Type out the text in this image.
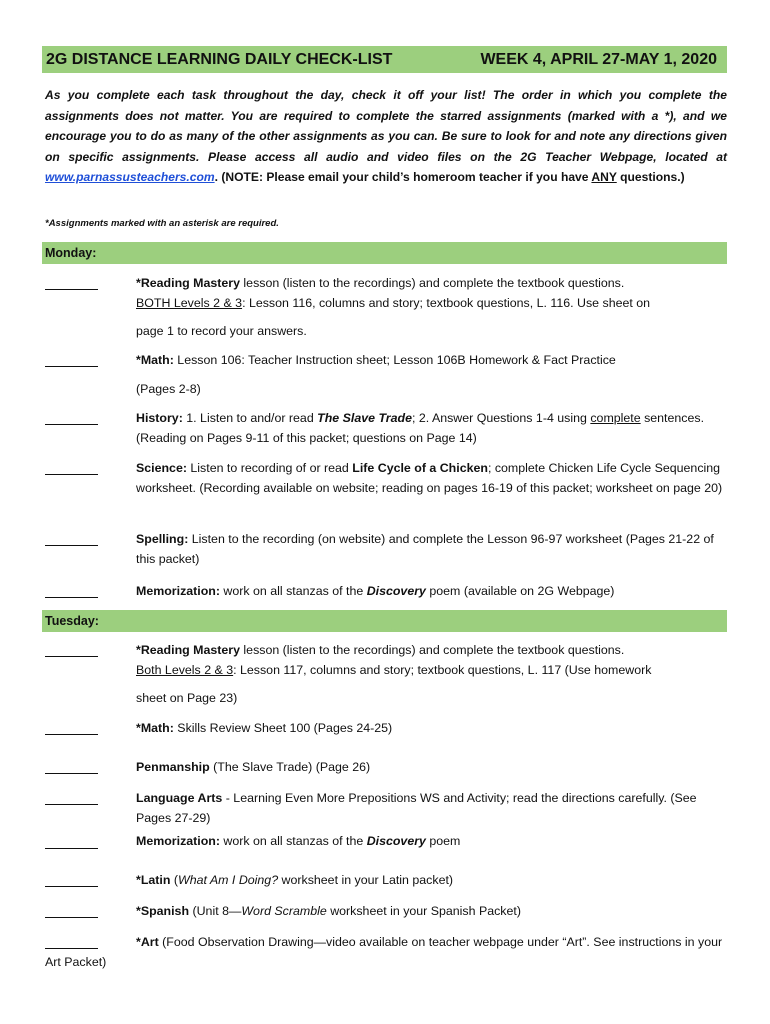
2G DISTANCE LEARNING DAILY CHECK-LIST	WEEK 4, APRIL 27-MAY 1, 2020
As you complete each task throughout the day, check it off your list! The order in which you complete the assignments does not matter. You are required to complete the starred assignments (marked with a *), and we encourage you to do as many of the other assignments as you can. Be sure to look for and note any directions given on specific assignments. Please access all audio and video files on the 2G Teacher Webpage, located at www.parnassusteachers.com. (NOTE: Please email your child’s homeroom teacher if you have ANY questions.)
*Assignments marked with an asterisk are required.
Monday:
*Reading Mastery lesson (listen to the recordings) and complete the textbook questions.
BOTH Levels 2 & 3: Lesson 116, columns and story; textbook questions, L. 116. Use sheet on
page 1 to record your answers.
*Math: Lesson 106: Teacher Instruction sheet; Lesson 106B Homework & Fact Practice
(Pages 2-8)
History: 1. Listen to and/or read The Slave Trade; 2. Answer Questions 1-4 using complete sentences. (Reading on Pages 9-11 of this packet; questions on Page 14)
Science: Listen to recording of or read Life Cycle of a Chicken; complete Chicken Life Cycle Sequencing worksheet. (Recording available on website; reading on pages 16-19 of this packet; worksheet on page 20)
Spelling: Listen to the recording (on website) and complete the Lesson 96-97 worksheet (Pages 21-22 of this packet)
Memorization: work on all stanzas of the Discovery poem (available on 2G Webpage)
Tuesday:
*Reading Mastery lesson (listen to the recordings) and complete the textbook questions.
Both Levels 2 & 3: Lesson 117, columns and story; textbook questions, L. 117 (Use homework
sheet on Page 23)
*Math: Skills Review Sheet 100 (Pages 24-25)
Penmanship (The Slave Trade) (Page 26)
Language Arts - Learning Even More Prepositions WS and Activity; read the directions carefully. (See Pages 27-29)
Memorization: work on all stanzas of the Discovery poem
*Latin (What Am I Doing? worksheet in your Latin packet)
*Spanish (Unit 8—Word Scramble worksheet in your Spanish Packet)
*Art (Food Observation Drawing—video available on teacher webpage under “Art”. See instructions in your Art Packet)
